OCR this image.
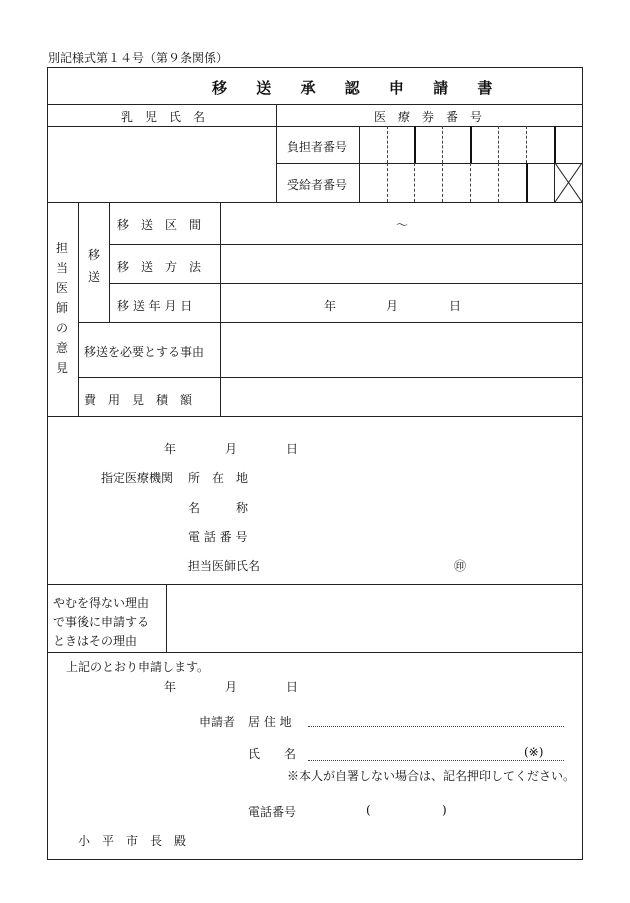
別記様式第１４号（第９条関係）
移 送 承 認 申 請 書
乳　児　氏　名	医　療　券　番　号
負担者番号
受給者番号
担
当
医
師
の
意
見
移
送
移　送　区　間	～
移　送　方　法
移 送 年 月 日	年	月	日
移送を必要とする事由
費　用　見　積　額
年	月	日
指定医療機関 所　在　地
名　　　称
電 話 番 号
担当医師氏名	㊞
やむを得ない理由
で事後に申請する
ときはその理由
上記のとおり申請します。
年	月	日
申請者 居 住 地
氏　　名	(※)
※本人が自署しない場合は、記名押印してください。
電話番号	(	)
小　平　市　長　殿
